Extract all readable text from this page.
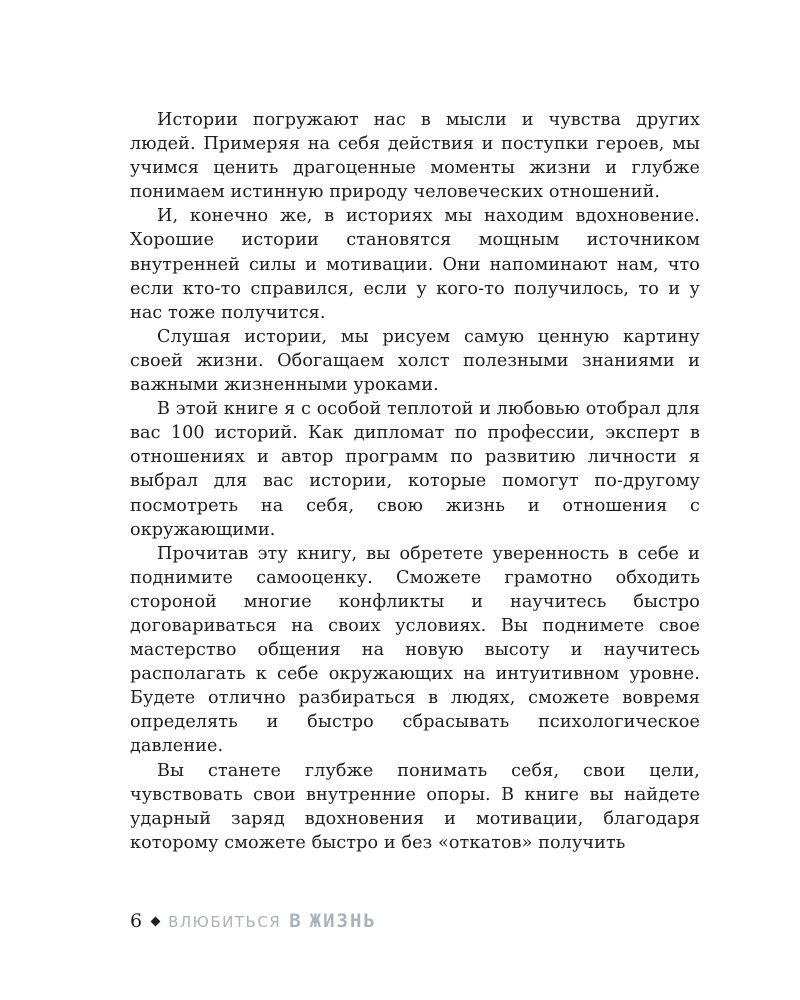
Истории погружают нас в мысли и чувства других людей. Примеряя на себя действия и поступки героев, мы учимся ценить драгоценные моменты жизни и глубже понимаем истинную природу человеческих отношений.

И, конечно же, в историях мы находим вдохновение. Хорошие истории становятся мощным источником внутренней силы и мотивации. Они напоминают нам, что если кто-то справился, если у кого-то получилось, то и у нас тоже получится.

Слушая истории, мы рисуем самую ценную картину своей жизни. Обогащаем холст полезными знаниями и важными жизненными уроками.

В этой книге я с особой теплотой и любовью отобрал для вас 100 историй. Как дипломат по профессии, эксперт в отношениях и автор программ по развитию личности я выбрал для вас истории, которые помогут по-другому посмотреть на себя, свою жизнь и отношения с окружающими.

Прочитав эту книгу, вы обретете уверенность в себе и поднимите самооценку. Сможете грамотно обходить стороной многие конфликты и научитесь быстро договариваться на своих условиях. Вы поднимете свое мастерство общения на новую высоту и научитесь располагать к себе окружающих на интуитивном уровне. Будете отлично разбираться в людях, сможете вовремя определять и быстро сбрасывать психологическое давление.

Вы станете глубже понимать себя, свои цели, чувствовать свои внутренние опоры. В книге вы найдете ударный заряд вдохновения и мотивации, благодаря которому сможете быстро и без «откатов» получить

6 ВЛЮБИТЬСЯ В ЖИЗНЬ
